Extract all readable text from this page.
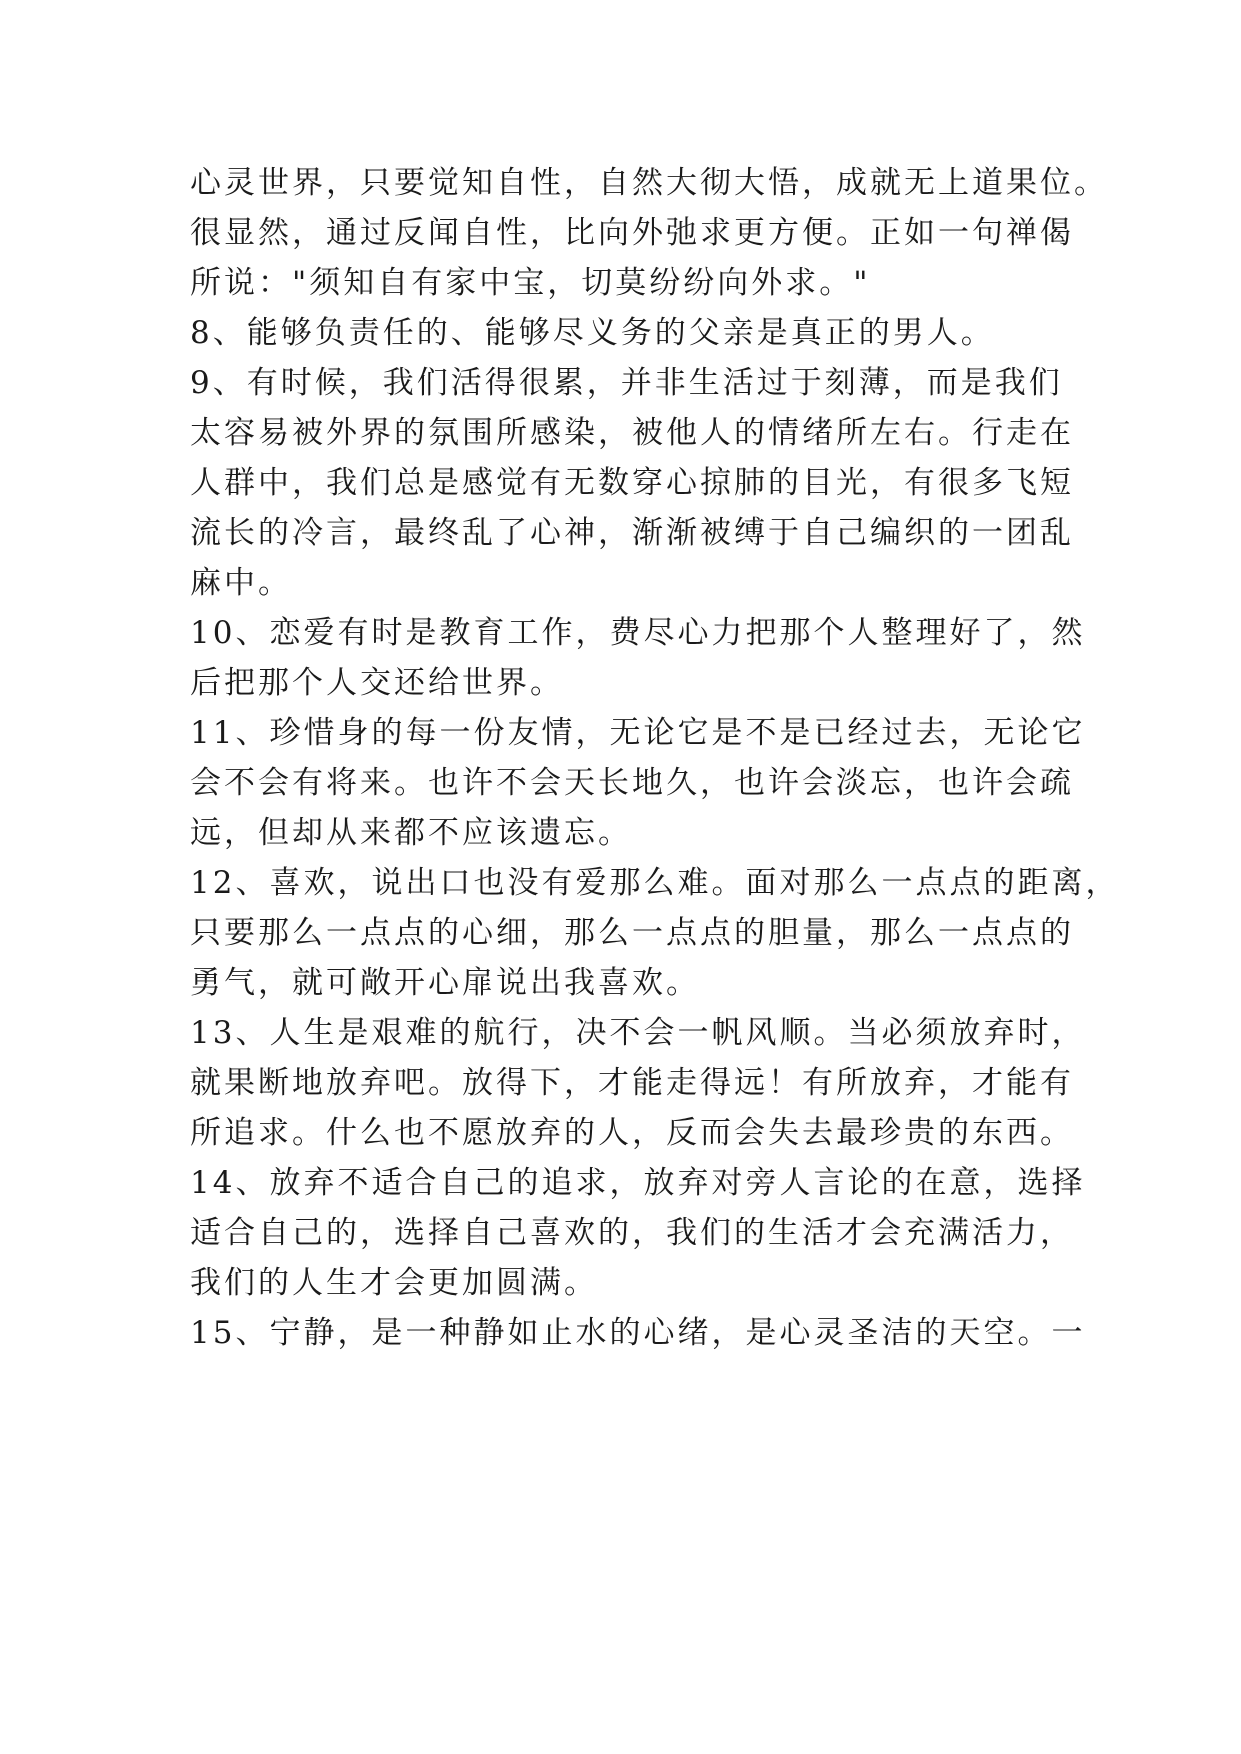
心灵世界，只要觉知自性，自然大彻大悟，成就无上道果位。
很显然，通过反闻自性，比向外弛求更方便。正如一句禅偈
所说："须知自有家中宝，切莫纷纷向外求。"
8、能够负责任的、能够尽义务的父亲是真正的男人。
9、有时候，我们活得很累，并非生活过于刻薄，而是我们
太容易被外界的氛围所感染，被他人的情绪所左右。行走在
人群中，我们总是感觉有无数穿心掠肺的目光，有很多飞短
流长的冷言，最终乱了心神，渐渐被缚于自己编织的一团乱
麻中。
10、恋爱有时是教育工作，费尽心力把那个人整理好了，然
后把那个人交还给世界。
11、珍惜身的每一份友情，无论它是不是已经过去，无论它
会不会有将来。也许不会天长地久，也许会淡忘，也许会疏
远，但却从来都不应该遗忘。
12、喜欢，说出口也没有爱那么难。面对那么一点点的距离，
只要那么一点点的心细，那么一点点的胆量，那么一点点的
勇气，就可敞开心扉说出我喜欢。
13、人生是艰难的航行，决不会一帆风顺。当必须放弃时，
就果断地放弃吧。放得下，才能走得远！有所放弃，才能有
所追求。什么也不愿放弃的人，反而会失去最珍贵的东西。
14、放弃不适合自己的追求，放弃对旁人言论的在意，选择
适合自己的，选择自己喜欢的，我们的生活才会充满活力，
我们的人生才会更加圆满。
15、宁静，是一种静如止水的心绪，是心灵圣洁的天空。一
